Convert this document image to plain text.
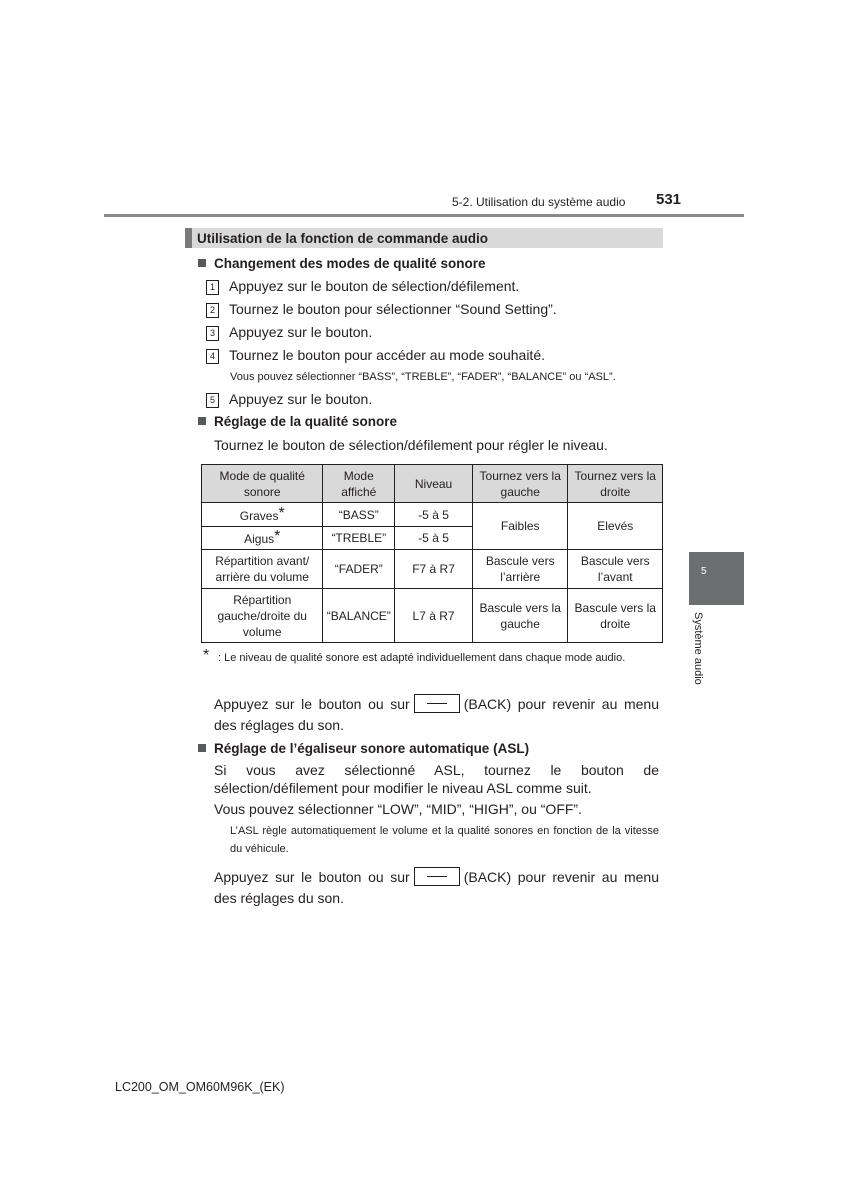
5-2. Utilisation du système audio 531
Utilisation de la fonction de commande audio
Changement des modes de qualité sonore
1 Appuyez sur le bouton de sélection/défilement.
2 Tournez le bouton pour sélectionner “Sound Setting”.
3 Appuyez sur le bouton.
4 Tournez le bouton pour accéder au mode souhaité.
Vous pouvez sélectionner “BASS”, “TREBLE”, “FADER”, “BALANCE” ou “ASL”.
5 Appuyez sur le bouton.
Réglage de la qualité sonore
Tournez le bouton de sélection/défilement pour régler le niveau.
Mode de qualité sonore	Mode affiché	Niveau	Tournez vers la gauche	Tournez vers la droite
Graves*	“BASS”	-5 à 5	Faibles	Elevés
Aigus*	“TREBLE”	-5 à 5		
Répartition avant/ arrière du volume	“FADER”	F7 à R7	Bascule vers l’arrière	Bascule vers l’avant
Répartition gauche/droite du volume	“BALANCE”	L7 à R7	Bascule vers la gauche	Bascule vers la droite
* : Le niveau de qualité sonore est adapté individuellement dans chaque mode audio.
Appuyez sur le bouton ou sur	(BACK) pour revenir au menu des réglages du son.
Réglage de l’égaliseur sonore automatique (ASL)
Si vous avez sélectionné ASL, tournez le bouton de sélection/défilement pour modifier le niveau ASL comme suit.
Vous pouvez sélectionner “LOW”, “MID”, “HIGH”, ou “OFF”.
L’ASL règle automatiquement le volume et la qualité sonores en fonction de la vitesse du véhicule.
Appuyez sur le bouton ou sur	(BACK) pour revenir au menu des réglages du son.
5
Système audio
LC200_OM_OM60M96K_(EK)
